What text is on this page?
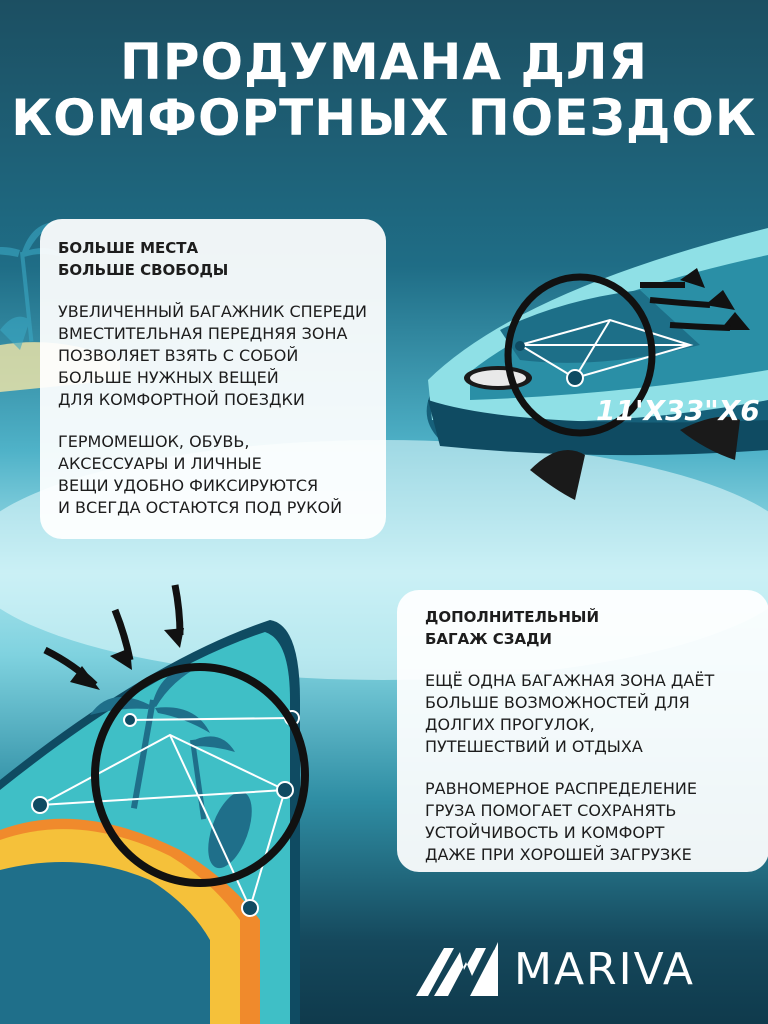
11'X33"X6
ПРОДУМАНА ДЛЯ
КОМФОРТНЫХ ПОЕЗДОК
БОЛЬШЕ МЕСТА
БОЛЬШЕ СВОБОДЫ
УВЕЛИЧЕННЫЙ БАГАЖНИК СПЕРЕДИ
ВМЕСТИТЕЛЬНАЯ ПЕРЕДНЯЯ ЗОНА
ПОЗВОЛЯЕТ ВЗЯТЬ С СОБОЙ
БОЛЬШЕ НУЖНЫХ ВЕЩЕЙ
ДЛЯ КОМФОРТНОЙ ПОЕЗДКИ
ГЕРМОМЕШОК, ОБУВЬ,
АКСЕССУАРЫ И ЛИЧНЫЕ
ВЕЩИ УДОБНО ФИКСИРУЮТСЯ
И ВСЕГДА ОСТАЮТСЯ ПОД РУКОЙ
ДОПОЛНИТЕЛЬНЫЙ
БАГАЖ СЗАДИ
ЕЩЁ ОДНА БАГАЖНАЯ ЗОНА ДАЁТ
БОЛЬШЕ ВОЗМОЖНОСТЕЙ ДЛЯ
ДОЛГИХ ПРОГУЛОК,
ПУТЕШЕСТВИЙ И ОТДЫХА
РАВНОМЕРНОЕ РАСПРЕДЕЛЕНИЕ
ГРУЗА ПОМОГАЕТ СОХРАНЯТЬ
УСТОЙЧИВОСТЬ И КОМФОРТ
ДАЖЕ ПРИ ХОРОШЕЙ ЗАГРУЗКЕ
MARIVA
